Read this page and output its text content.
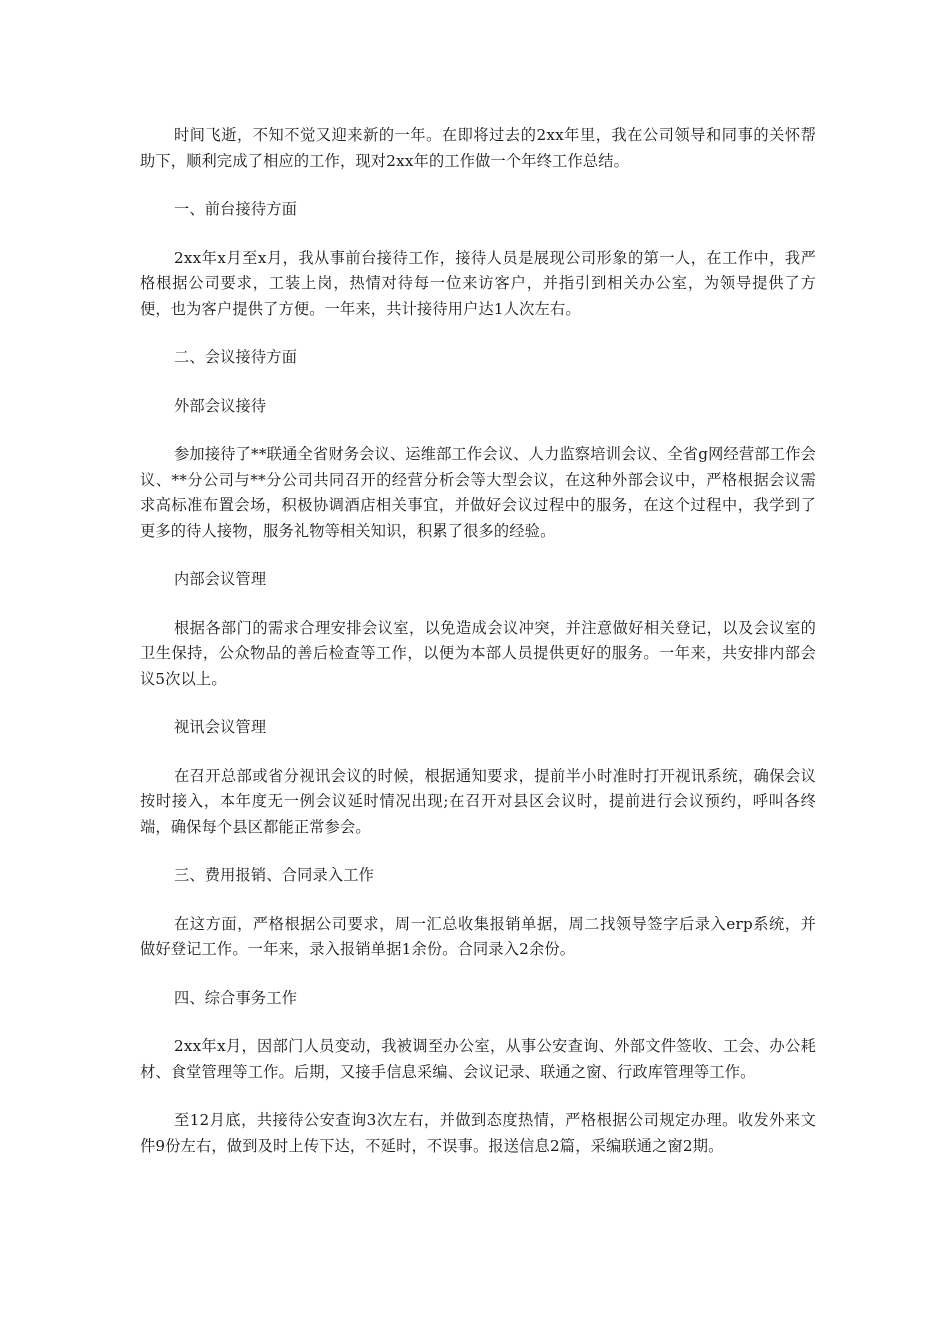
时间飞逝，不知不觉又迎来新的一年。在即将过去的2xx年里，我在公司领导和同事的关怀帮助下，顺利完成了相应的工作，现对2xx年的工作做一个年终工作总结。

一、前台接待方面

2xx年x月至x月，我从事前台接待工作，接待人员是展现公司形象的第一人，在工作中，我严格根据公司要求，工装上岗，热情对待每一位来访客户，并指引到相关办公室，为领导提供了方便，也为客户提供了方便。一年来，共计接待用户达1人次左右。

二、会议接待方面

外部会议接待

参加接待了**联通全省财务会议、运维部工作会议、人力监察培训会议、全省g网经营部工作会议、**分公司与**分公司共同召开的经营分析会等大型会议，在这种外部会议中，严格根据会议需求高标准布置会场，积极协调酒店相关事宜，并做好会议过程中的服务，在这个过程中，我学到了更多的待人接物，服务礼物等相关知识，积累了很多的经验。

内部会议管理

根据各部门的需求合理安排会议室，以免造成会议冲突，并注意做好相关登记，以及会议室的卫生保持，公众物品的善后检查等工作，以便为本部人员提供更好的服务。一年来，共安排内部会议5次以上。

视讯会议管理

在召开总部或省分视讯会议的时候，根据通知要求，提前半小时准时打开视讯系统，确保会议按时接入，本年度无一例会议延时情况出现;在召开对县区会议时，提前进行会议预约，呼叫各终端，确保每个县区都能正常参会。

三、费用报销、合同录入工作

在这方面，严格根据公司要求，周一汇总收集报销单据，周二找领导签字后录入erp系统，并做好登记工作。一年来，录入报销单据1余份。合同录入2余份。

四、综合事务工作

2xx年x月，因部门人员变动，我被调至办公室，从事公安查询、外部文件签收、工会、办公耗材、食堂管理等工作。后期，又接手信息采编、会议记录、联通之窗、行政库管理等工作。

至12月底，共接待公安查询3次左右，并做到态度热情，严格根据公司规定办理。收发外来文件9份左右，做到及时上传下达，不延时，不误事。报送信息2篇，采编联通之窗2期。
